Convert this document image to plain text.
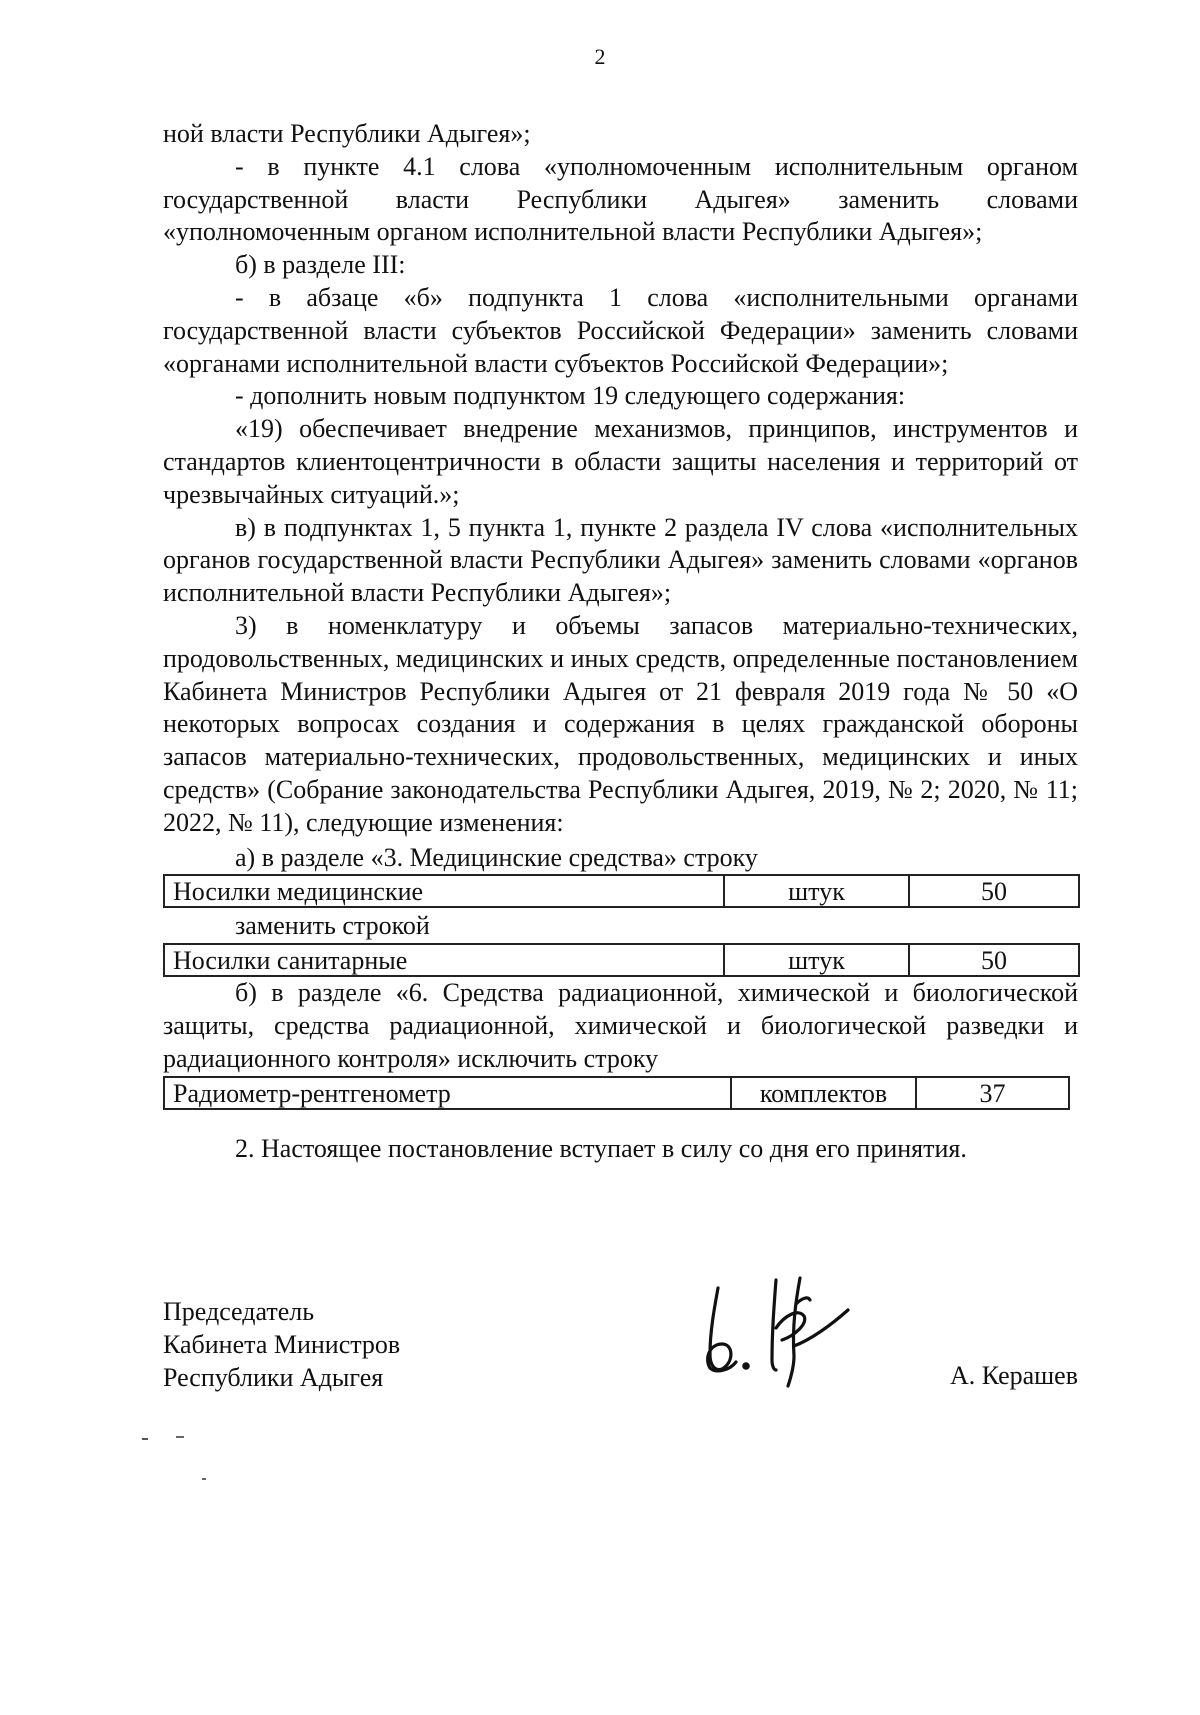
2

ной власти Республики Адыгея»;

- в пункте 4.1 слова «уполномоченным исполнительным органом государственной власти Республики Адыгея» заменить словами «уполномоченным органом исполнительной власти Республики Адыгея»;

б) в разделе III:

- в абзаце «б» подпункта 1 слова «исполнительными органами государственной власти субъектов Российской Федерации» заменить словами «органами исполнительной власти субъектов Российской Федерации»;

- дополнить новым подпунктом 19 следующего содержания:

«19) обеспечивает внедрение механизмов, принципов, инструментов и стандартов клиентоцентричности в области защиты населения и территорий от чрезвычайных ситуаций.»;

в) в подпунктах 1, 5 пункта 1, пункте 2 раздела IV слова «исполнительных органов государственной власти Республики Адыгея» заменить словами «органов исполнительной власти Республики Адыгея»;

3) в номенклатуру и объемы запасов материально-технических, продовольственных, медицинских и иных средств, определенные постановлением Кабинета Министров Республики Адыгея от 21 февраля 2019 года № 50 «О некоторых вопросах создания и содержания в целях гражданской обороны запасов материально-технических, продовольственных, медицинских и иных средств» (Собрание законодательства Республики Адыгея, 2019, № 2; 2020, № 11; 2022, № 11), следующие изменения:

а) в разделе «3. Медицинские средства» строку

Носилки медицинские	штук	50

заменить строкой

Носилки санитарные	штук	50

б) в разделе «6. Средства радиационной, химической и биологической защиты, средства радиационной, химической и биологической разведки и радиационного контроля» исключить строку

Радиометр-рентгенометр	комплектов	37
2. Настоящее постановление вступает в силу со дня его принятия.
Председатель
Кабинета Министров
Республики Адыгея	А. Керашев
